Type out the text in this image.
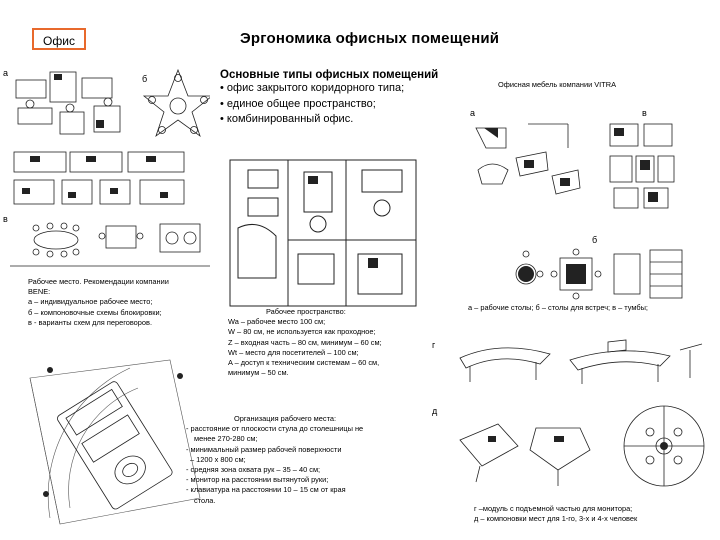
Офис	Эргономика офисных помещений
а
б
в
Рабочее место. Рекомендации компании
BENE:
а – индивидуальное рабочее место;
б – компоновочные схемы блокировки;
в - варианты схем для переговоров.
Основные типы офисных помещений
• офис закрытого коридорного типа;
• единое общее пространство;
• комбинированный офис.
Рабочее пространство:
Wa – рабочее место 100 см;
W – 80 см, не используется как проходное;
Z – входная часть – 80 см, минимум – 60 см;
Wt – место для посетителей – 100 см;
A – доступ к техническим системам – 60 см,
минимум – 50 см.
Организация рабочего места:
- расстояние от плоскости стула до столешницы не
менее 270-280 см;
- минимальный размер рабочей поверхности
– 1200 х 800 см;
- средняя зона охвата рук – 35 – 40 см;
- монитор на расстоянии вытянутой руки;
- клавиатура на расстоянии 10 – 15 см от края
стола.
Офисная мебель компании VITRA
а	в
б
а – рабочие столы; б – столы для встреч; в – тумбы;
г
д
г –модуль с подъемной частью для монитора;
д – компоновки мест для 1-го, 3-х и 4-х человек
